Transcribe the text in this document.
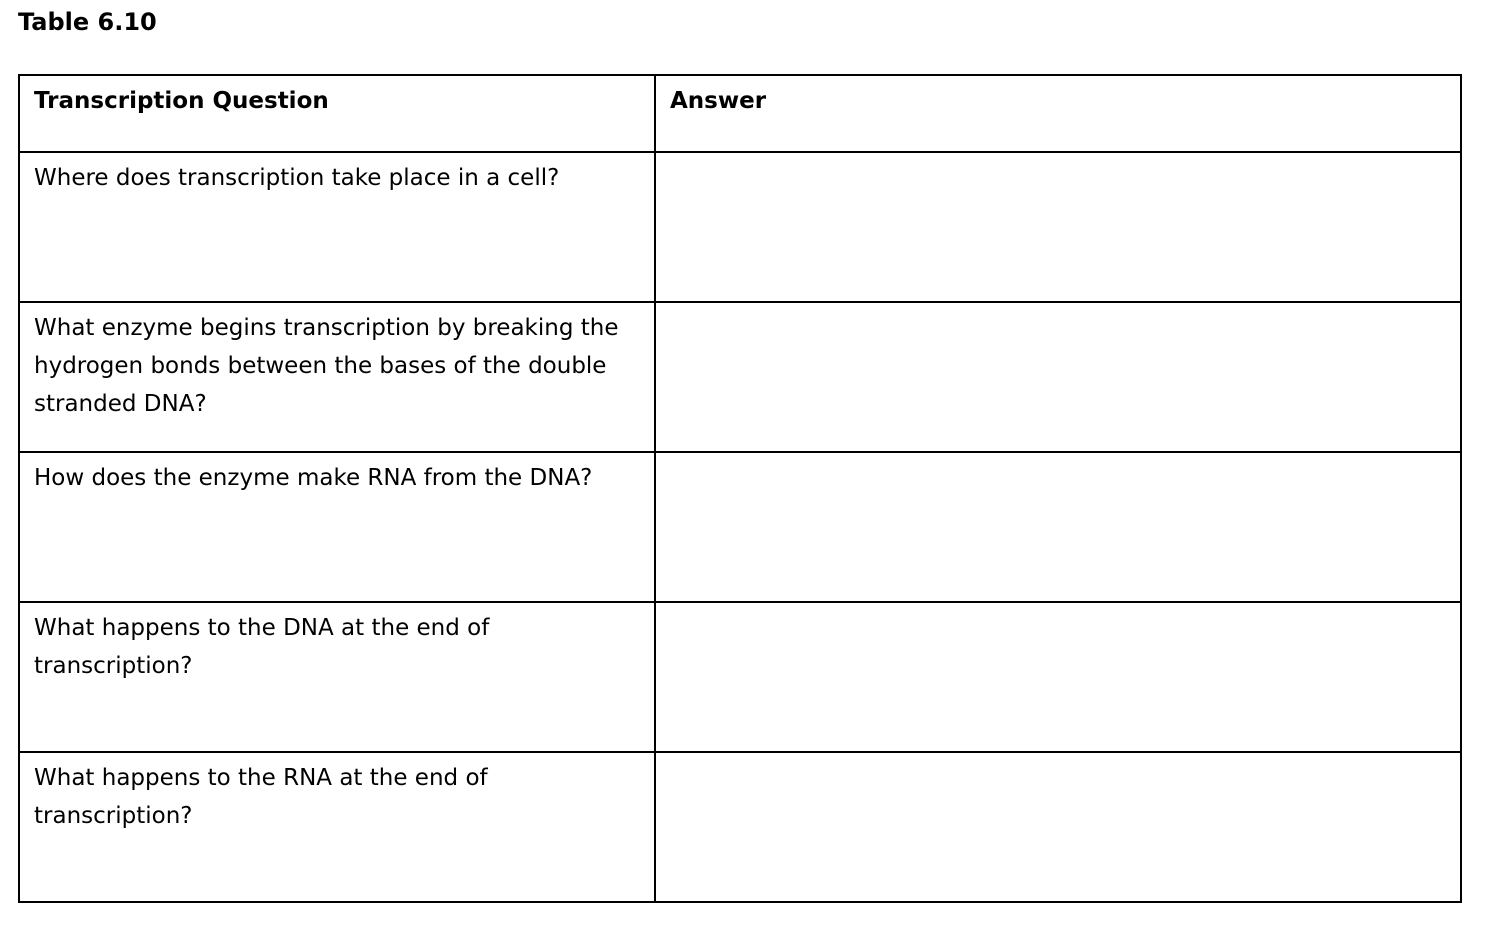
Table 6.10
Transcription Question	Answer
Where does transcription take place in a cell?	
What enzyme begins transcription by breaking the hydrogen bonds between the bases of the double stranded DNA?	
How does the enzyme make RNA from the DNA?	
What happens to the DNA at the end of transcription?	
What happens to the RNA at the end of transcription?	
